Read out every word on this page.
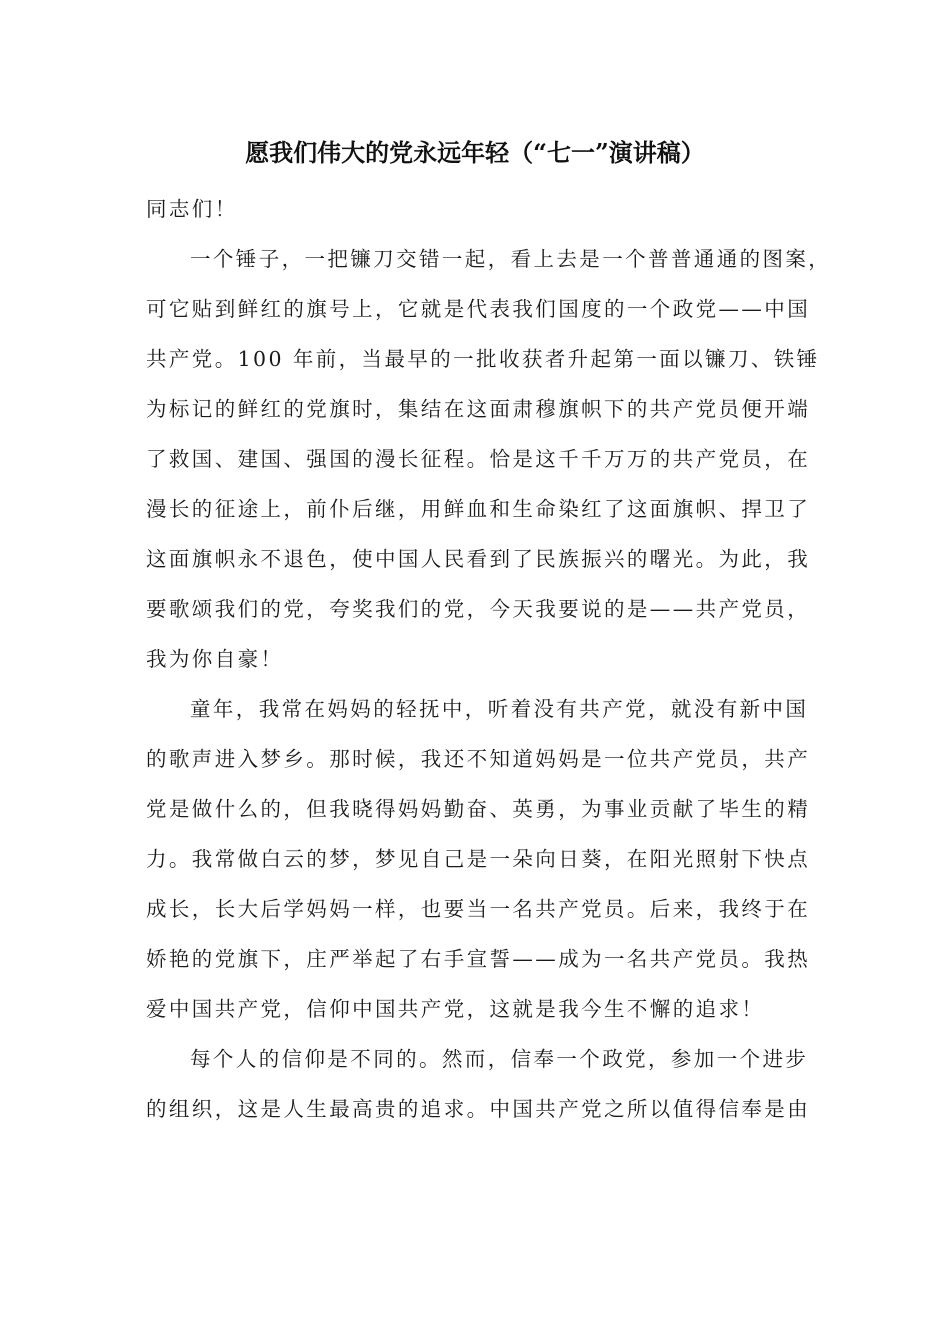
愿我们伟大的党永远年轻（“七一”演讲稿）
同志们！
一个锤子，一把镰刀交错一起，看上去是一个普普通通的图案，
可它贴到鲜红的旗号上，它就是代表我们国度的一个政党——中国
共产党。100 年前，当最早的一批收获者升起第一面以镰刀、铁锤
为标记的鲜红的党旗时，集结在这面肃穆旗帜下的共产党员便开端
了救国、建国、强国的漫长征程。恰是这千千万万的共产党员，在
漫长的征途上，前仆后继，用鲜血和生命染红了这面旗帜、捍卫了
这面旗帜永不退色，使中国人民看到了民族振兴的曙光。为此，我
要歌颂我们的党，夸奖我们的党，今天我要说的是——共产党员，
我为你自豪！
童年，我常在妈妈的轻抚中，听着没有共产党，就没有新中国
的歌声进入梦乡。那时候，我还不知道妈妈是一位共产党员，共产
党是做什么的，但我晓得妈妈勤奋、英勇，为事业贡献了毕生的精
力。我常做白云的梦，梦见自己是一朵向日葵，在阳光照射下快点
成长，长大后学妈妈一样，也要当一名共产党员。后来，我终于在
娇艳的党旗下，庄严举起了右手宣誓——成为一名共产党员。我热
爱中国共产党，信仰中国共产党，这就是我今生不懈的追求！
每个人的信仰是不同的。然而，信奉一个政党，参加一个进步
的组织，这是人生最高贵的追求。中国共产党之所以值得信奉是由
